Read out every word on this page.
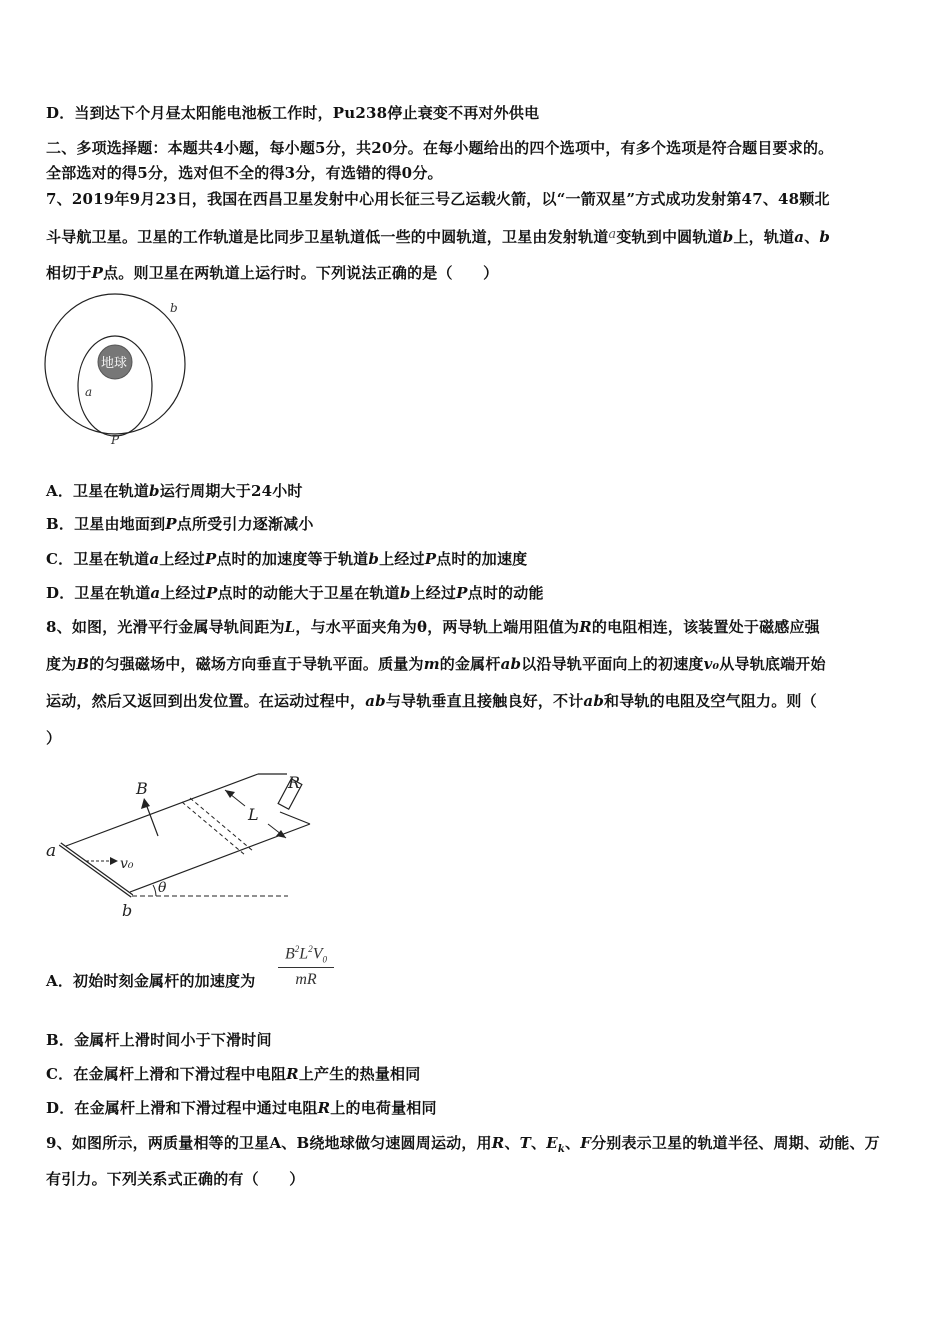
D．当到达下个月昼太阳能电池板工作时，Pu238停止衰变不再对外供电
二、多项选择题：本题共4小题，每小题5分，共20分。在每小题给出的四个选项中，有多个选项是符合题目要求的。
全部选对的得5分，选对但不全的得3分，有选错的得0分。
7、2019年9月23日，我国在西昌卫星发射中心用长征三号乙运载火箭，以“一箭双星”方式成功发射第47、48颗北
斗导航卫星。卫星的工作轨道是比同步卫星轨道低一些的中圆轨道，卫星由发射轨道a变轨到中圆轨道b上，轨道a、b
相切于P点。则卫星在两轨道上运行时。下列说法正确的是（　　）
地球
b
a
P
A．卫星在轨道b运行周期大于24小时
B．卫星由地面到P点所受引力逐渐减小
C．卫星在轨道a上经过P点时的加速度等于轨道b上经过P点时的加速度
D．卫星在轨道a上经过P点时的动能大于卫星在轨道b上经过P点时的动能
8、如图，光滑平行金属导轨间距为L，与水平面夹角为θ，两导轨上端用阻值为R的电阻相连，该装置处于磁感应强
度为B的匀强磁场中，磁场方向垂直于导轨平面。质量为m的金属杆ab以沿导轨平面向上的初速度v₀从导轨底端开始
运动，然后又返回到出发位置。在运动过程中，ab与导轨垂直且接触良好，不计ab和导轨的电阻及空气阻力。则（
）
B	R
L
a
v₀
θ
b
A．初始时刻金属杆的加速度为 $\frac{B^2L^2V_0}{mR}$
B．金属杆上滑时间小于下滑时间
C．在金属杆上滑和下滑过程中电阻R上产生的热量相同
D．在金属杆上滑和下滑过程中通过电阻R上的电荷量相同
9、如图所示，两质量相等的卫星A、B绕地球做匀速圆周运动，用R、T、$E_k$、F分别表示卫星的轨道半径、周期、动能、万
有引力。下列关系式正确的有（　　）
